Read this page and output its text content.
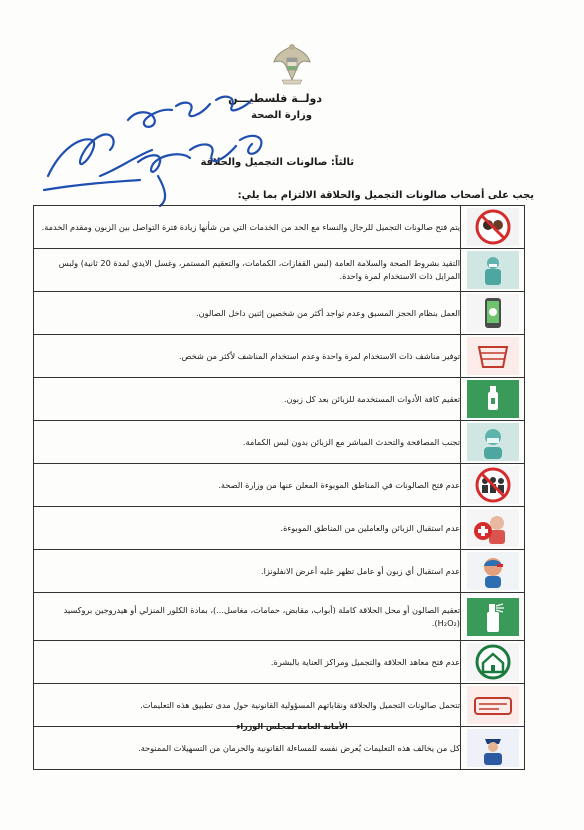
دولــة فلسطيـــن
وزارة الصحة
ثالثاً: صالونات التجميل والحلاقة
يجب على أصحاب صالونات التجميل والحلاقة الالتزام بما يلي:
يتم فتح صالونات التجميل للرجال والنساء مع الحد من الخدمات التي من شأنها زيادة فترة التواصل بين الزبون ومقدم الخدمة.	

التقيد بشروط الصحة والسلامة العامة (لبس القفازات، الكمامات، والتعقيم المستمر، وغسل الايدي لمدة 20 ثانية) ولبس المرايل ذات الاستخدام لمرة واحدة.	

العمل بنظام الحجز المسبق وعدم تواجد أكثر من شخصين إثنين داخل الصالون.	

توفير مناشف ذات الاستخدام لمرة واحدة وعدم استخدام المناشف لأكثر من شخص.	

تعقيم كافة الأدوات المستخدمة للزبائن بعد كل زبون.	

تجنب المصافحة والتحدث المباشر مع الزبائن بدون لبس الكمامة.	

عدم فتح الصالونات في المناطق الموبوءة المعلن عنها من وزارة الصحة.	

عدم استقبال الزبائن والعاملين من المناطق الموبوءة.	

عدم استقبال أي زبون أو عامل تظهر عليه أعرض الانفلونزا.	

تعقيم الصالون أو محل الحلاقة كاملة (أبواب، مقابض، حمامات، مغاسل...)، بمادة الكلور المنزلي أو هيدروجين بروكسيد (H₂O₂).	

عدم فتح معاهد الحلاقة والتجميل ومراكز العناية بالبشرة.	

تتحمل صالونات التجميل والحلاقة ونقاباتهم المسؤولية القانونية حول مدى تطبيق هذه التعليمات.	

كل من يخالف هذه التعليمات يُعرض نفسه للمساءلة القانونية والحرمان من التسهيلات الممنوحة.	
الأمانة العامة لمجلس الوزراء
